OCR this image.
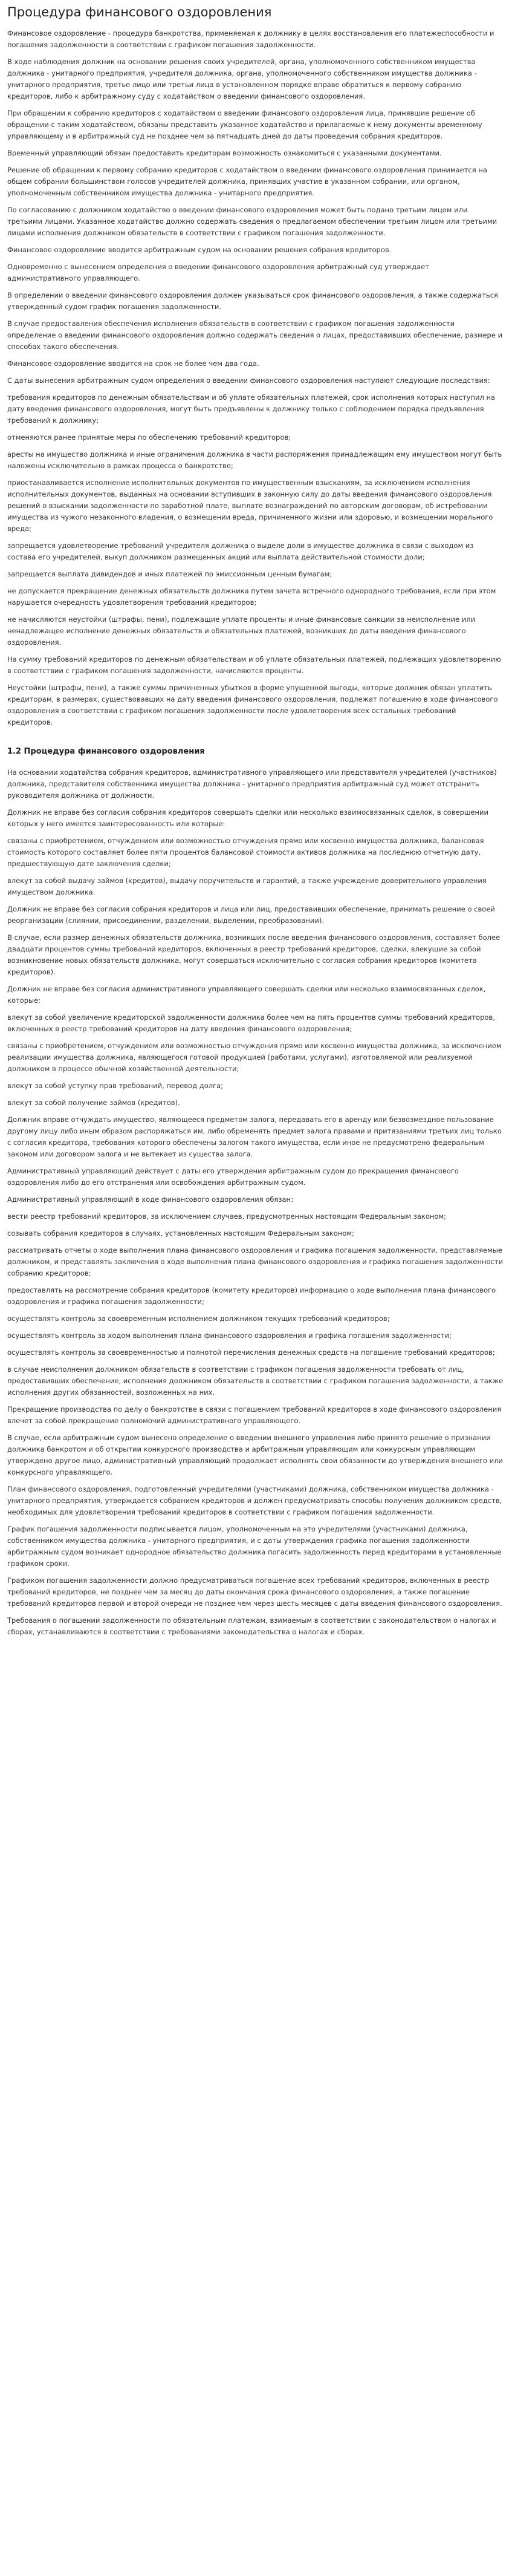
Процедура финансового оздоровления

Финансовое оздоровление - процедура банкротства, применяемая к должнику в целях восстановления его платежеспособности и погашения задолженности в соответствии с графиком погашения задолженности.

В ходе наблюдения должник на основании решения своих учредителей, органа, уполномоченного собственником имущества должника - унитарного предприятия, учредителя должника, органа, уполномоченного собственником имущества должника - унитарного предприятия, третье лицо или третьи лица в установленном порядке вправе обратиться к первому собранию кредиторов, либо к арбитражному суду с ходатайством о введении финансового оздоровления.

При обращении к собранию кредиторов с ходатайством о введении финансового оздоровления лица, принявшие решение об обращении с таким ходатайством, обязаны представить указанное ходатайство и прилагаемые к нему документы временному управляющему и в арбитражный суд не позднее чем за пятнадцать дней до даты проведения собрания кредиторов.

Временный управляющий обязан предоставить кредиторам возможность ознакомиться с указанными документами.

Решение об обращении к первому собранию кредиторов с ходатайством о введении финансового оздоровления принимается на общем собрании большинством голосов учредителей должника, принявших участие в указанном собрании, или органом, уполномоченным собственником имущества должника - унитарного предприятия.

По согласованию с должником ходатайство о введении финансового оздоровления может быть подано третьим лицом или третьими лицами. Указанное ходатайство должно содержать сведения о предлагаемом обеспечении третьим лицом или третьими лицами исполнения должником обязательств в соответствии с графиком погашения задолженности.

Финансовое оздоровление вводится арбитражным судом на основании решения собрания кредиторов.

Одновременно с вынесением определения о введении финансового оздоровления арбитражный суд утверждает административного управляющего.

В определении о введении финансового оздоровления должен указываться срок финансового оздоровления, а также содержаться утвержденный судом график погашения задолженности.

В случае предоставления обеспечения исполнения обязательств в соответствии с графиком погашения задолженности определение о введении финансового оздоровления должно содержать сведения о лицах, предоставивших обеспечение, размере и способах такого обеспечения.

Финансовое оздоровление вводится на срок не более чем два года.

С даты вынесения арбитражным судом определения о введении финансового оздоровления наступают следующие последствия:

требования кредиторов по денежным обязательствам и об уплате обязательных платежей, срок исполнения которых наступил на дату введения финансового оздоровления, могут быть предъявлены к должнику только с соблюдением порядка предъявления требований к должнику;

отменяются ранее принятые меры по обеспечению требований кредиторов;

аресты на имущество должника и иные ограничения должника в части распоряжения принадлежащим ему имуществом могут быть наложены исключительно в рамках процесса о банкротстве;

приостанавливается исполнение исполнительных документов по имущественным взысканиям, за исключением исполнения исполнительных документов, выданных на основании вступивших в законную силу до даты введения финансового оздоровления решений о взыскании задолженности по заработной плате, выплате вознаграждений по авторским договорам, об истребовании имущества из чужого незаконного владения, о возмещении вреда, причиненного жизни или здоровью, и возмещении морального вреда;

запрещается удовлетворение требований учредителя должника о выделе доли в имуществе должника в связи с выходом из состава его учредителей, выкуп должником размещенных акций или выплата действительной стоимости доли;

запрещается выплата дивидендов и иных платежей по эмиссионным ценным бумагам;

не допускается прекращение денежных обязательств должника путем зачета встречного однородного требования, если при этом нарушается очередность удовлетворения требований кредиторов;

не начисляются неустойки (штрафы, пени), подлежащие уплате проценты и иные финансовые санкции за неисполнение или ненадлежащее исполнение денежных обязательств и обязательных платежей, возникших до даты введения финансового оздоровления.

На сумму требований кредиторов по денежным обязательствам и об уплате обязательных платежей, подлежащих удовлетворению в соответствии с графиком погашения задолженности, начисляются проценты.

Неустойки (штрафы, пени), а также суммы причиненных убытков в форме упущенной выгоды, которые должник обязан уплатить кредиторам, в размерах, существовавших на дату введения финансового оздоровления, подлежат погашению в ходе финансового оздоровления в соответствии с графиком погашения задолженности после удовлетворения всех остальных требований кредиторов.

1.2 Процедура финансового оздоровления

На основании ходатайства собрания кредиторов, административного управляющего или представителя учредителей (участников) должника, представителя собственника имущества должника - унитарного предприятия арбитражный суд может отстранить руководителя должника от должности.

Должник не вправе без согласия собрания кредиторов совершать сделки или несколько взаимосвязанных сделок, в совершении которых у него имеется заинтересованность или которые:

связаны с приобретением, отчуждением или возможностью отчуждения прямо или косвенно имущества должника, балансовая стоимость которого составляет более пяти процентов балансовой стоимости активов должника на последнюю отчетную дату, предшествующую дате заключения сделки;

влекут за собой выдачу займов (кредитов), выдачу поручительств и гарантий, а также учреждение доверительного управления имуществом должника.

Должник не вправе без согласия собрания кредиторов и лица или лиц, предоставивших обеспечение, принимать решение о своей реорганизации (слиянии, присоединении, разделении, выделении, преобразовании).

В случае, если размер денежных обязательств должника, возникших после введения финансового оздоровления, составляет более двадцати процентов суммы требований кредиторов, включенных в реестр требований кредиторов, сделки, влекущие за собой возникновение новых обязательств должника, могут совершаться исключительно с согласия собрания кредиторов (комитета кредиторов).

Должник не вправе без согласия административного управляющего совершать сделки или несколько взаимосвязанных сделок, которые:

влекут за собой увеличение кредиторской задолженности должника более чем на пять процентов суммы требований кредиторов, включенных в реестр требований кредиторов на дату введения финансового оздоровления;

связаны с приобретением, отчуждением или возможностью отчуждения прямо или косвенно имущества должника, за исключением реализации имущества должника, являющегося готовой продукцией (работами, услугами), изготовляемой или реализуемой должником в процессе обычной хозяйственной деятельности;

влекут за собой уступку прав требований, перевод долга;

влекут за собой получение займов (кредитов).

Должник вправе отчуждать имущество, являющееся предметом залога, передавать его в аренду или безвозмездное пользование другому лицу либо иным образом распоряжаться им, либо обременять предмет залога правами и притязаниями третьих лиц только с согласия кредитора, требования которого обеспечены залогом такого имущества, если иное не предусмотрено федеральным законом или договором залога и не вытекает из существа залога.

Административный управляющий действует с даты его утверждения арбитражным судом до прекращения финансового оздоровления либо до его отстранения или освобождения арбитражным судом.

Административный управляющий в ходе финансового оздоровления обязан:

вести реестр требований кредиторов, за исключением случаев, предусмотренных настоящим Федеральным законом;

созывать собрания кредиторов в случаях, установленных настоящим Федеральным законом;

рассматривать отчеты о ходе выполнения плана финансового оздоровления и графика погашения задолженности, представляемые должником, и представлять заключения о ходе выполнения плана финансового оздоровления и графика погашения задолженности собранию кредиторов;

предоставлять на рассмотрение собрания кредиторов (комитету кредиторов) информацию о ходе выполнения плана финансового оздоровления и графика погашения задолженности;

осуществлять контроль за своевременным исполнением должником текущих требований кредиторов;

осуществлять контроль за ходом выполнения плана финансового оздоровления и графика погашения задолженности;

осуществлять контроль за своевременностью и полнотой перечисления денежных средств на погашение требований кредиторов;

в случае неисполнения должником обязательств в соответствии с графиком погашения задолженности требовать от лиц, предоставивших обеспечение, исполнения должником обязательств в соответствии с графиком погашения задолженности, а также исполнения других обязанностей, возложенных на них.

Прекращение производства по делу о банкротстве в связи с погашением требований кредиторов в ходе финансового оздоровления влечет за собой прекращение полномочий административного управляющего.

В случае, если арбитражным судом вынесено определение о введении внешнего управления либо принято решение о признании должника банкротом и об открытии конкурсного производства и арбитражным управляющим или конкурсным управляющим утверждено другое лицо, административный управляющий продолжает исполнять свои обязанности до утверждения внешнего или конкурсного управляющего.

План финансового оздоровления, подготовленный учредителями (участниками) должника, собственником имущества должника - унитарного предприятия, утверждается собранием кредиторов и должен предусматривать способы получения должником средств, необходимых для удовлетворения требований кредиторов в соответствии с графиком погашения задолженности.

График погашения задолженности подписывается лицом, уполномоченным на это учредителями (участниками) должника, собственником имущества должника - унитарного предприятия, и с даты утверждения графика погашения задолженности арбитражным судом возникает однородное обязательство должника погасить задолженность перед кредиторами в установленные графиком сроки.

Графиком погашения задолженности должно предусматриваться погашение всех требований кредиторов, включенных в реестр требований кредиторов, не позднее чем за месяц до даты окончания срока финансового оздоровления, а также погашение требований кредиторов первой и второй очереди не позднее чем через шесть месяцев с даты введения финансового оздоровления.

Требования о погашении задолженности по обязательным платежам, взимаемым в соответствии с законодательством о налогах и сборах, устанавливаются в соответствии с требованиями законодательства о налогах и сборах.
